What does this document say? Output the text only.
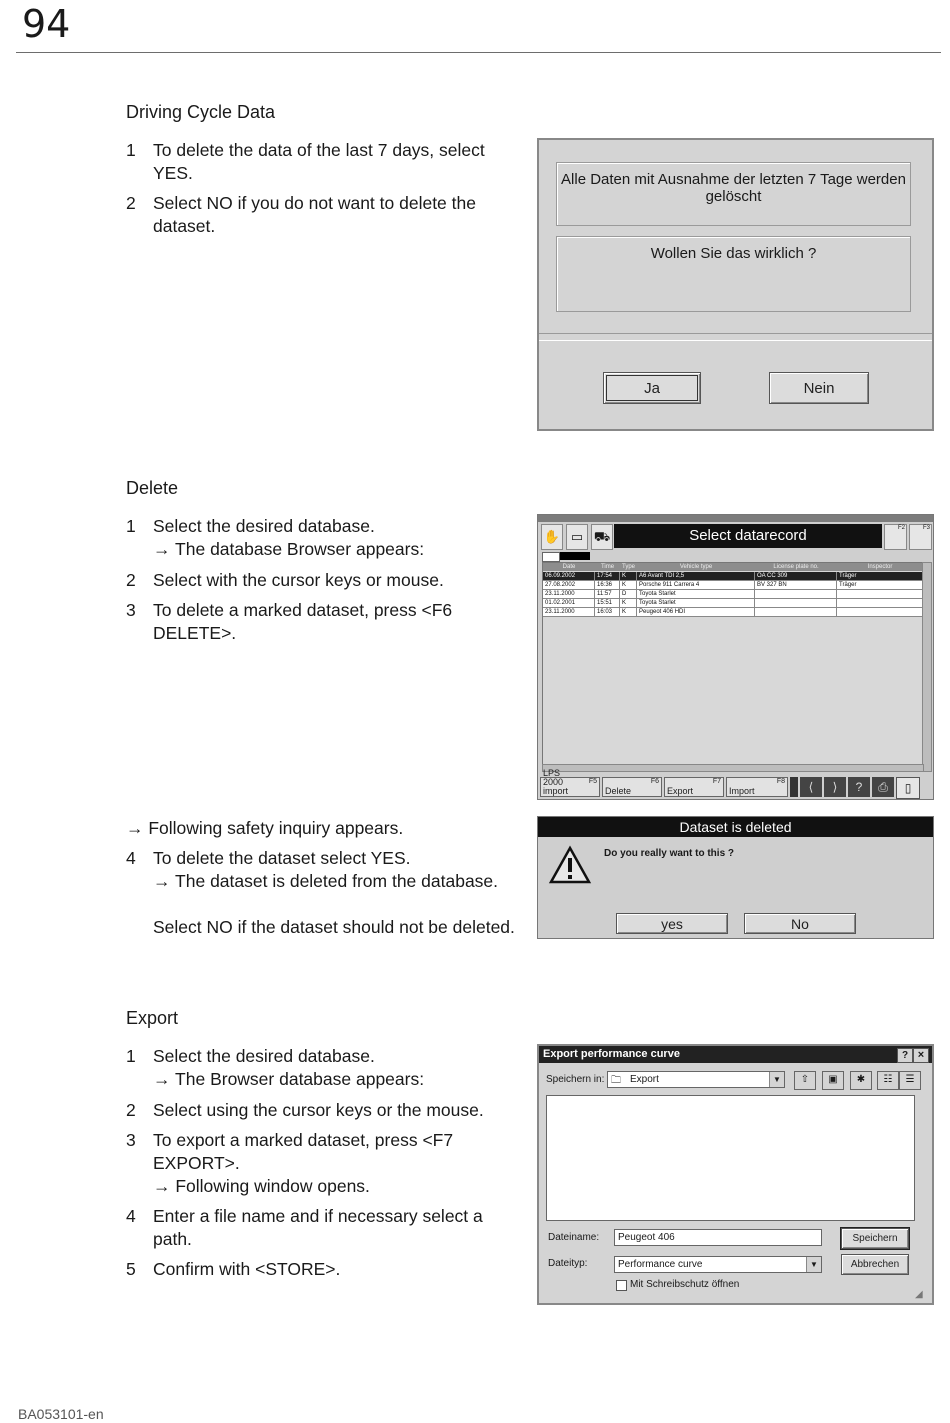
94
Driving Cycle Data
1 To delete the data of the last 7 days, select YES.
2 Select NO if you do not want to delete the dataset.
Alle Daten mit Ausnahme der letzten 7 Tage werden gelöscht
Wollen Sie das wirklich ?
Ja	Nein
Delete
1 Select the desired database.
→ The database Browser appears:
2 Select with the cursor keys or mouse.
3 To delete a marked dataset, press <F6 DELETE>.
✋ ▭ ⛟	Select datarecord	F2	F3
Date	Time	Type	Vehicle type	License plate no.	Inspector
06.09.2002	17:54	K	A6 Avant TDI 2,5	OA CC 309	Träger
27.08.2002	16:36	K	Porsche 911 Carrera 4	BV 327 BN	Träger
23.11.2000	11:57	D	Toyota Starlet
01.02.2001	15:51	K	Toyota Starlet
23.11.2000	16:03	K	Peugeot 406 HDI
LPS 2000 import
F5
Delete
F6
Export
F7
Import
F8	⟨	⟩	?	⎙	▯
→ Following safety inquiry appears.
4 To delete the dataset select YES.
→ The dataset is deleted from the database.
Select NO if the dataset should not be deleted.
Dataset is deleted
Do you really want to this ?
yes	No
Export
1 Select the desired database.
→ The Browser database appears:
2 Select using the cursor keys or the mouse.
3 To export a marked dataset, press <F7 EXPORT>.
→ Following window opens.
4 Enter a file name and if necessary select a path.
5 Confirm with <STORE>.
Export performance curve	? ×
Speichern in: 🗀 Export	▼	⇧	▣	✱	☷	☰
Dateiname:	Peugeot 406	Speichern
Dateityp:	Performance curve	▼	Abbrechen
Mit Schreibschutz öffnen
◢
BA053101-en
